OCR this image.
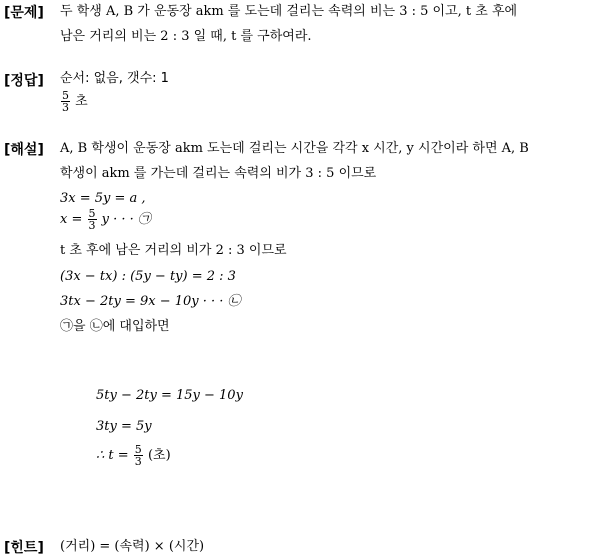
[문제] 두 학생 A, B 가 운동장 akm 를 도는데 걸리는 속력의 비는 3 : 5 이고, t 초 후에
남은 거리의 비는 2 : 3 일 때, t 를 구하여라.
[정답] 순서: 없음, 갯수: 1
$\frac{5}{3}$ 초
[해설] A, B 학생이 운동장 akm 도는데 걸리는 시간을 각각 x 시간, y 시간이라 하면 A, B
학생이 akm 를 가는데 걸리는 속력의 비가 3 : 5 이므로
3x = 5y = a ,
$x = \frac{5}{3}$ y · · · ㉠
t 초 후에 남은 거리의 비가 2 : 3 이므로
(3x − tx) : (5y − ty) = 2 : 3
3tx − 2ty = 9x − 10y · · · ㉡
㉠을 ㉡에 대입하면
5ty − 2ty = 15y − 10y
3ty = 5y
∴ $t = \frac{5}{3}$ (초)
[힌트] (거리) = (속력) × (시간)
